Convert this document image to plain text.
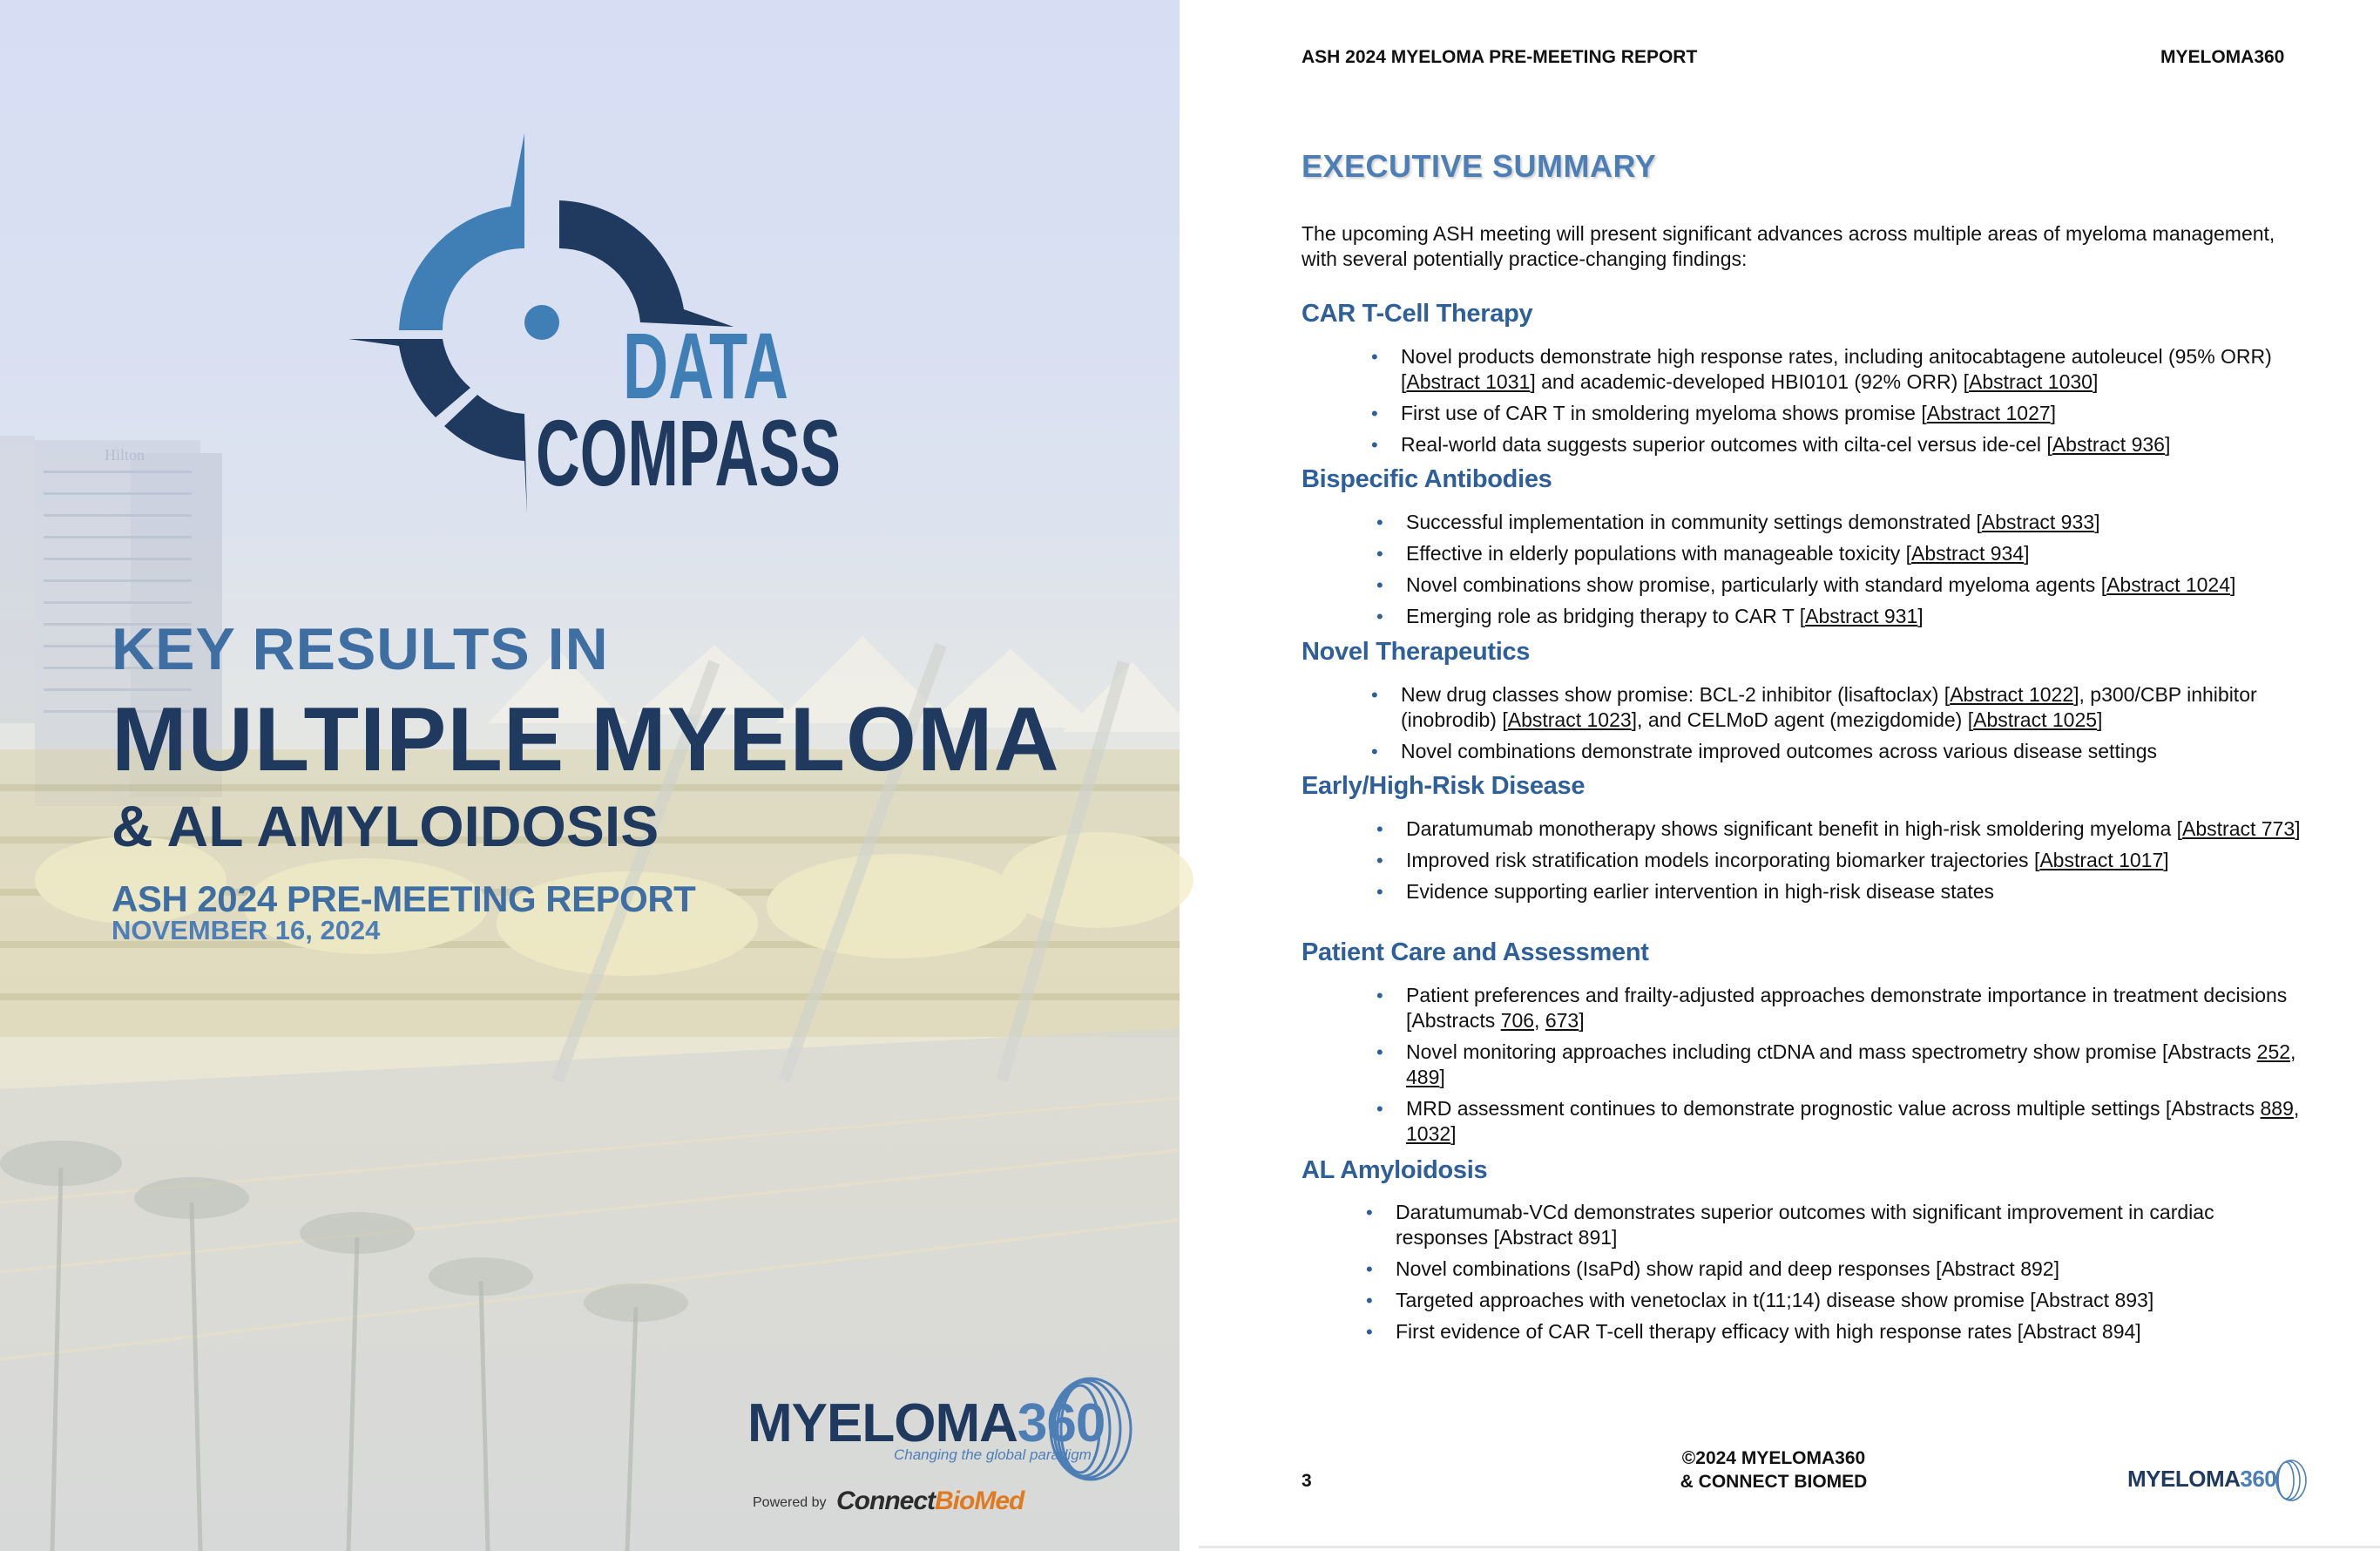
Hilton
DATA
COMPASS
KEY RESULTS IN
MULTIPLE MYELOMA
& AL AMYLOIDOSIS
ASH 2024 PRE-MEETING REPORT
NOVEMBER 16, 2024
MYELOMA360
Changing the global paradigm
Powered by ConnectBioMed
ASH 2024 MYELOMA PRE-MEETING REPORT	MYELOMA360
EXECUTIVE SUMMARY
The upcoming ASH meeting will present significant advances across multiple areas of myeloma management, with several potentially practice-changing findings:
CAR T-Cell Therapy
• Novel products demonstrate high response rates, including anitocabtagene autoleucel (95% ORR) [Abstract 1031] and academic-developed HBI0101 (92% ORR) [Abstract 1030]
• First use of CAR T in smoldering myeloma shows promise [Abstract 1027]
• Real-world data suggests superior outcomes with cilta-cel versus ide-cel [Abstract 936]
Bispecific Antibodies
• Successful implementation in community settings demonstrated [Abstract 933]
• Effective in elderly populations with manageable toxicity [Abstract 934]
• Novel combinations show promise, particularly with standard myeloma agents [Abstract 1024]
• Emerging role as bridging therapy to CAR T [Abstract 931]
Novel Therapeutics
• New drug classes show promise: BCL-2 inhibitor (lisaftoclax) [Abstract 1022], p300/CBP inhibitor (inobrodib) [Abstract 1023], and CELMoD agent (mezigdomide) [Abstract 1025]
• Novel combinations demonstrate improved outcomes across various disease settings
Early/High-Risk Disease
• Daratumumab monotherapy shows significant benefit in high-risk smoldering myeloma [Abstract 773]
• Improved risk stratification models incorporating biomarker trajectories [Abstract 1017]
• Evidence supporting earlier intervention in high-risk disease states
Patient Care and Assessment
• Patient preferences and frailty-adjusted approaches demonstrate importance in treatment decisions [Abstracts 706, 673]
• Novel monitoring approaches including ctDNA and mass spectrometry show promise [Abstracts 252, 489]
• MRD assessment continues to demonstrate prognostic value across multiple settings [Abstracts 889, 1032]
AL Amyloidosis
• Daratumumab-VCd demonstrates superior outcomes with significant improvement in cardiac responses [Abstract 891]
• Novel combinations (IsaPd) show rapid and deep responses [Abstract 892]
• Targeted approaches with venetoclax in t(11;14) disease show promise [Abstract 893]
• First evidence of CAR T-cell therapy efficacy with high response rates [Abstract 894]
3
©2024 MYELOMA360
& CONNECT BIOMED	MYELOMA360
